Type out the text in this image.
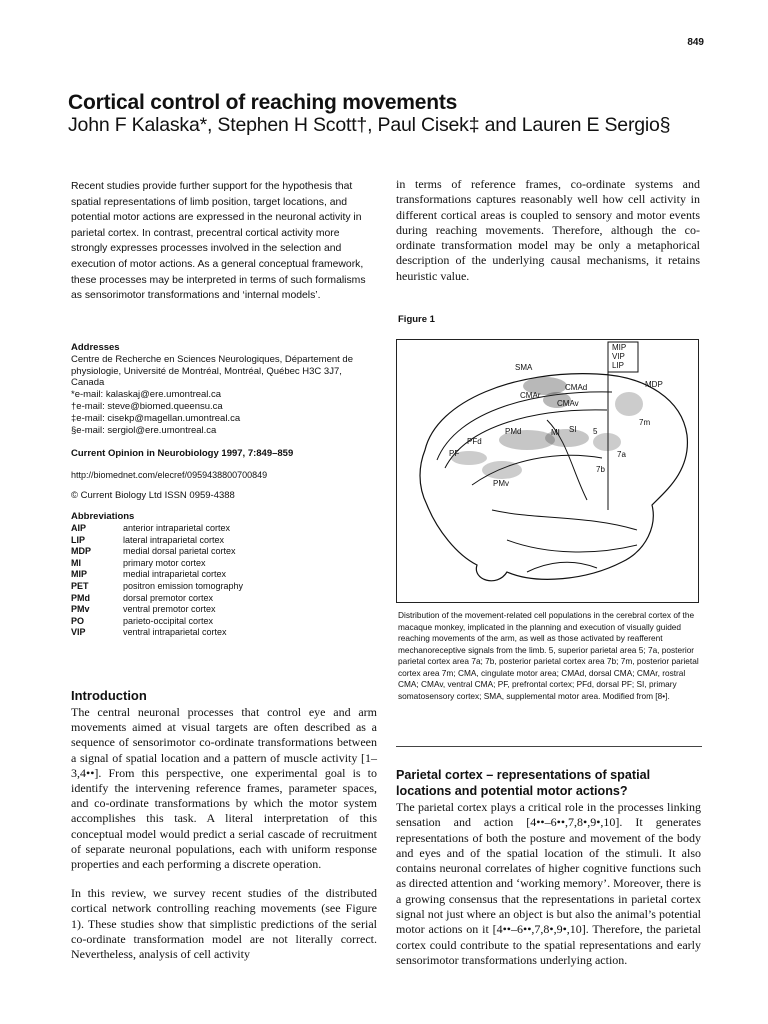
849
Cortical control of reaching movements
John F Kalaska*, Stephen H Scott†, Paul Cisek‡ and Lauren E Sergio§
Recent studies provide further support for the hypothesis that spatial representations of limb position, target locations, and potential motor actions are expressed in the neuronal activity in parietal cortex. In contrast, precentral cortical activity more strongly expresses processes involved in the selection and execution of motor actions. As a general conceptual framework, these processes may be interpreted in terms of such formalisms as sensorimotor transformations and ‘internal models’.
in terms of reference frames, co-ordinate systems and transformations captures reasonably well how cell activity in different cortical areas is coupled to sensory and motor events during reaching movements. Therefore, although the co-ordinate transformation model may be only a metaphorical description of the underlying causal mechanisms, it retains heuristic value.
Addresses
Centre de Recherche en Sciences Neurologiques, Département de physiologie, Université de Montréal, Montréal, Québec H3C 3J7, Canada
*e-mail: kalaskaj@ere.umontreal.ca
†e-mail: steve@biomed.queensu.ca
‡e-mail: cisekp@magellan.umontreal.ca
§e-mail: sergiol@ere.umontreal.ca
Current Opinion in Neurobiology 1997, 7:849–859
http://biomednet.com/elecref/0959438800700849
© Current Biology Ltd ISSN 0959-4388
Abbreviations
AIP	anterior intraparietal cortex
LIP	lateral intraparietal cortex
MDP	medial dorsal parietal cortex
MI	primary motor cortex
MIP	medial intraparietal cortex
PET	positron emission tomography
PMd	dorsal premotor cortex
PMv	ventral premotor cortex
PO	parieto-occipital cortex
VIP	ventral intraparietal cortex
Introduction

The central neuronal processes that control eye and arm movements aimed at visual targets are often described as a sequence of sensorimotor co-ordinate transformations between a signal of spatial location and a pattern of muscle activity [1–3,4••]. From this perspective, one experimental goal is to identify the intervening reference frames, parameter spaces, and co-ordinate transformations by which the motor system accomplishes this task. A literal interpretation of this conceptual model would predict a serial cascade of recruitment of separate neuronal populations, each with uniform response properties and each performing a discrete operation.

In this review, we survey recent studies of the distributed cortical network controlling reaching movements (see Figure 1). These studies show that simplistic predictions of the serial co-ordinate transformation model are not literally correct. Nevertheless, analysis of cell activity

Figure 1
MIP
VIP
LIP
SMA
CMAd	MDP
CMAr
CMAv
7m
PMd	MI SI 5
7a
PFd
PF
7b
PMv
Distribution of the movement-related cell populations in the cerebral cortex of the macaque monkey, implicated in the planning and execution of visually guided reaching movements of the arm, as well as those activated by reafferent mechanoreceptive signals from the limb. 5, superior parietal area 5; 7a, posterior parietal cortex area 7a; 7b, posterior parietal cortex area 7b; 7m, posterior parietal cortex area 7m; CMA, cingulate motor area; CMAd, dorsal CMA; CMAr, rostral CMA; CMAv, ventral CMA; PF, prefrontal cortex; PFd, dorsal PF; SI, primary somatosensory cortex; SMA, supplemental motor area. Modified from [8•].
Parietal cortex – representations of spatial locations and potential motor actions?
The parietal cortex plays a critical role in the processes linking sensation and action [4••–6••,7,8•,9•,10]. It generates representations of both the posture and movement of the body and eyes and of the spatial location of the stimuli. It also contains neuronal correlates of higher cognitive functions such as directed attention and ‘working memory’. Moreover, there is a growing consensus that the representations in parietal cortex signal not just where an object is but also the animal’s potential motor actions on it [4••–6••,7,8•,9•,10]. Therefore, the parietal cortex could contribute to the spatial representations and early sensorimotor transformations underlying action.
